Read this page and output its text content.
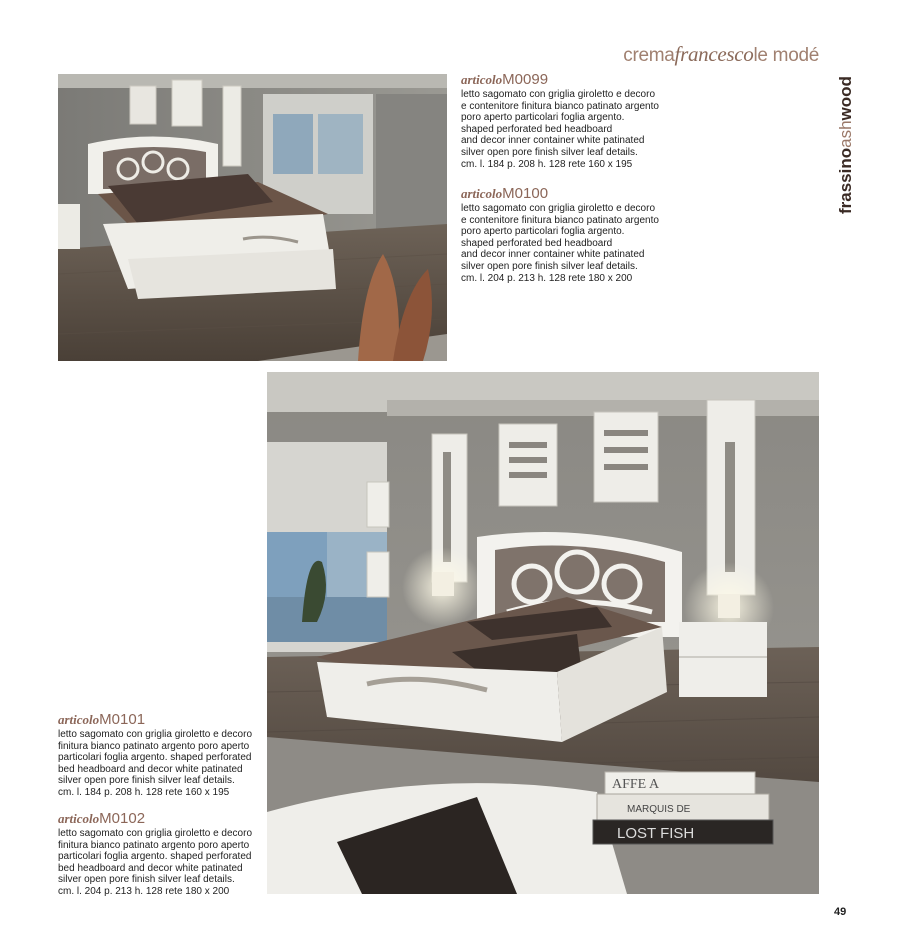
cremafrancescole modé
frassinoashwood
articoloM0099
letto sagomato con griglia giroletto e decoro
e contenitore finitura bianco patinato argento
poro aperto particolari foglia argento.
shaped perforated bed headboard
and decor inner container white patinated
silver open pore finish silver leaf details.
cm. l. 184 p. 208 h. 128 rete 160 x 195
articoloM0100
letto sagomato con griglia giroletto e decoro
e contenitore finitura bianco patinato argento
poro aperto particolari foglia argento.
shaped perforated bed headboard
and decor inner container white patinated
silver open pore finish silver leaf details.
cm. l. 204 p. 213 h. 128 rete 180 x 200
AFFE A
MARQUIS DE
LOST FISH
articoloM0101
letto sagomato con griglia giroletto e decoro
finitura bianco patinato argento poro aperto
particolari foglia argento. shaped perforated
bed headboard and decor white patinated
silver open pore finish silver leaf details.
cm. l. 184 p. 208 h. 128 rete 160 x 195
articoloM0102
letto sagomato con griglia giroletto e decoro
finitura bianco patinato argento poro aperto
particolari foglia argento. shaped perforated
bed headboard and decor white patinated
silver open pore finish silver leaf details.
cm. l. 204 p. 213 h. 128 rete 180 x 200
49
